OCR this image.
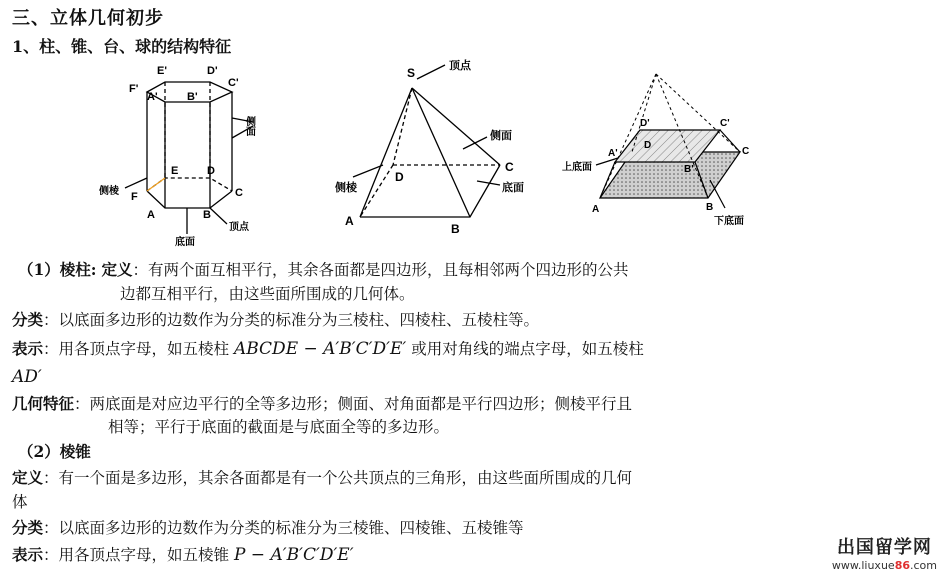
三、立体几何初步
1、柱、锥、台、球的结构特征
E'	D'
C'
F'
A'	B'
E	D
C
F
A	B
侧面
侧棱
底面
顶点
S
A
B
C
D
顶点
侧面
侧棱	底面
D'	C'
A'
B'
D
C
A	B
上底面
下底面
（1）棱柱: 定义：有两个面互相平行，其余各面都是四边形，且每相邻两个四边形的公共
边都互相平行，由这些面所围成的几何体。
分类：以底面多边形的边数作为分类的标准分为三棱柱、四棱柱、五棱柱等。
表示：用各顶点字母，如五棱柱 ABCDE − A′B′C′D′E′ 或用对角线的端点字母，如五棱柱
AD′
几何特征：两底面是对应边平行的全等多边形；侧面、对角面都是平行四边形；侧棱平行且
相等；平行于底面的截面是与底面全等的多边形。
（2）棱锥
定义：有一个面是多边形，其余各面都是有一个公共顶点的三角形，由这些面所围成的几何
体
分类：以底面多边形的边数作为分类的标准分为三棱锥、四棱锥、五棱锥等
表示：用各顶点字母，如五棱锥 P − A′B′C′D′E′	出国留学网
www.liuxue86.com
